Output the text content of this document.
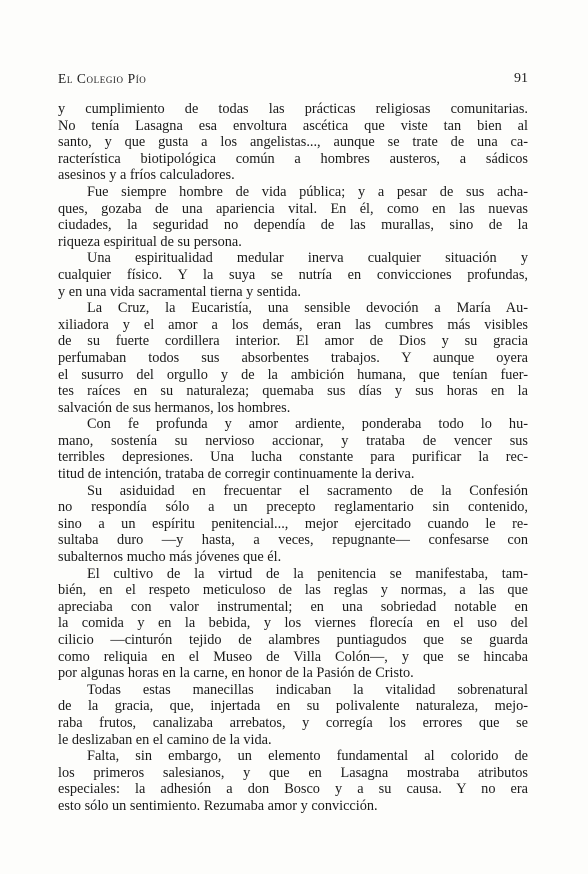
El Colegio Pío	91

y cumplimiento de todas las prácticas religiosas comunitarias.
No tenía Lasagna esa envoltura ascética que viste tan bien al
santo, y que gusta a los angelistas..., aunque se trate de una ca-
racterística biotipológica común a hombres austeros, a sádicos
asesinos y a fríos calculadores.

Fue siempre hombre de vida pública; y a pesar de sus acha-
ques, gozaba de una apariencia vital. En él, como en las nuevas
ciudades, la seguridad no dependía de las murallas, sino de la
riqueza espiritual de su persona.

Una espiritualidad medular inerva cualquier situación y
cualquier físico. Y la suya se nutría en convicciones profundas,
y en una vida sacramental tierna y sentida.

La Cruz, la Eucaristía, una sensible devoción a María Au-
xiliadora y el amor a los demás, eran las cumbres más visibles
de su fuerte cordillera interior. El amor de Dios y su gracia
perfumaban todos sus absorbentes trabajos. Y aunque oyera
el susurro del orgullo y de la ambición humana, que tenían fuer-
tes raíces en su naturaleza; quemaba sus días y sus horas en la
salvación de sus hermanos, los hombres.

Con fe profunda y amor ardiente, ponderaba todo lo hu-
mano, sostenía su nervioso accionar, y trataba de vencer sus
terribles depresiones. Una lucha constante para purificar la rec-
titud de intención, trataba de corregir continuamente la deriva.

Su asiduidad en frecuentar el sacramento de la Confesión
no respondía sólo a un precepto reglamentario sin contenido,
sino a un espíritu penitencial..., mejor ejercitado cuando le re-
sultaba duro —y hasta, a veces, repugnante— confesarse con
subalternos mucho más jóvenes que él.

El cultivo de la virtud de la penitencia se manifestaba, tam-
bién, en el respeto meticuloso de las reglas y normas, a las que
apreciaba con valor instrumental; en una sobriedad notable en
la comida y en la bebida, y los viernes florecía en el uso del
cilicio —cinturón tejido de alambres puntiagudos que se guarda
como reliquia en el Museo de Villa Colón—, y que se hincaba
por algunas horas en la carne, en honor de la Pasión de Cristo.

Todas estas manecillas indicaban la vitalidad sobrenatural
de la gracia, que, injertada en su polivalente naturaleza, mejo-
raba frutos, canalizaba arrebatos, y corregía los errores que se
le deslizaban en el camino de la vida.

Falta, sin embargo, un elemento fundamental al colorido de
los primeros salesianos, y que en Lasagna mostraba atributos
especiales: la adhesión a don Bosco y a su causa. Y no era
esto sólo un sentimiento. Rezumaba amor y convicción.
